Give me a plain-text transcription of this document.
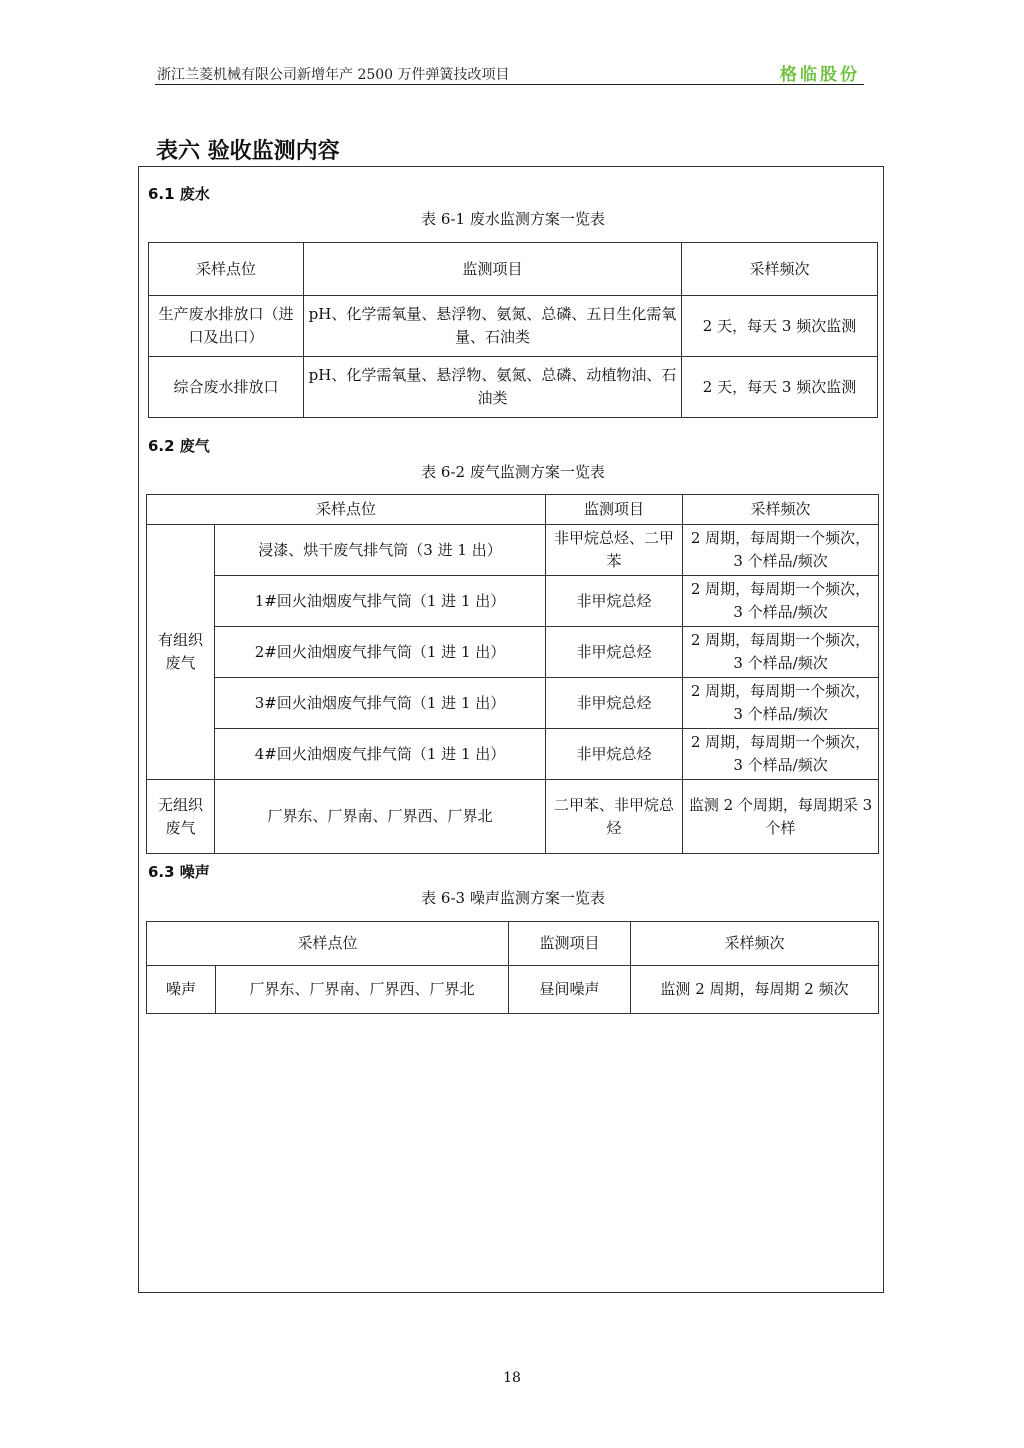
浙江兰菱机械有限公司新增年产 2500 万件弹簧技改项目	格临股份
表六 验收监测内容
6.1 废水
表 6-1 废水监测方案一览表
采样点位	监测项目	采样频次
生产废水排放口（进口及出口）	pH、化学需氧量、悬浮物、氨氮、总磷、五日生化需氧量、石油类	2 天，每天 3 频次监测
综合废水排放口	pH、化学需氧量、悬浮物、氨氮、总磷、动植物油、石油类	2 天，每天 3 频次监测
6.2 废气
表 6-2 废气监测方案一览表
采样点位		监测项目	采样频次
有组织废气	浸漆、烘干废气排气筒（3 进 1 出）	非甲烷总烃、二甲苯	2 周期，每周期一个频次，3 个样品/频次
	1#回火油烟废气排气筒（1 进 1 出）	非甲烷总烃	2 周期，每周期一个频次，3 个样品/频次
	2#回火油烟废气排气筒（1 进 1 出）	非甲烷总烃	2 周期，每周期一个频次，3 个样品/频次
	3#回火油烟废气排气筒（1 进 1 出）	非甲烷总烃	2 周期，每周期一个频次，3 个样品/频次
	4#回火油烟废气排气筒（1 进 1 出）	非甲烷总烃	2 周期，每周期一个频次，3 个样品/频次
无组织废气	厂界东、厂界南、厂界西、厂界北	二甲苯、非甲烷总烃	监测 2 个周期，每周期采 3 个样
6.3 噪声
表 6-3 噪声监测方案一览表
采样点位		监测项目	采样频次
噪声	厂界东、厂界南、厂界西、厂界北	昼间噪声	监测 2 周期，每周期 2 频次
18
